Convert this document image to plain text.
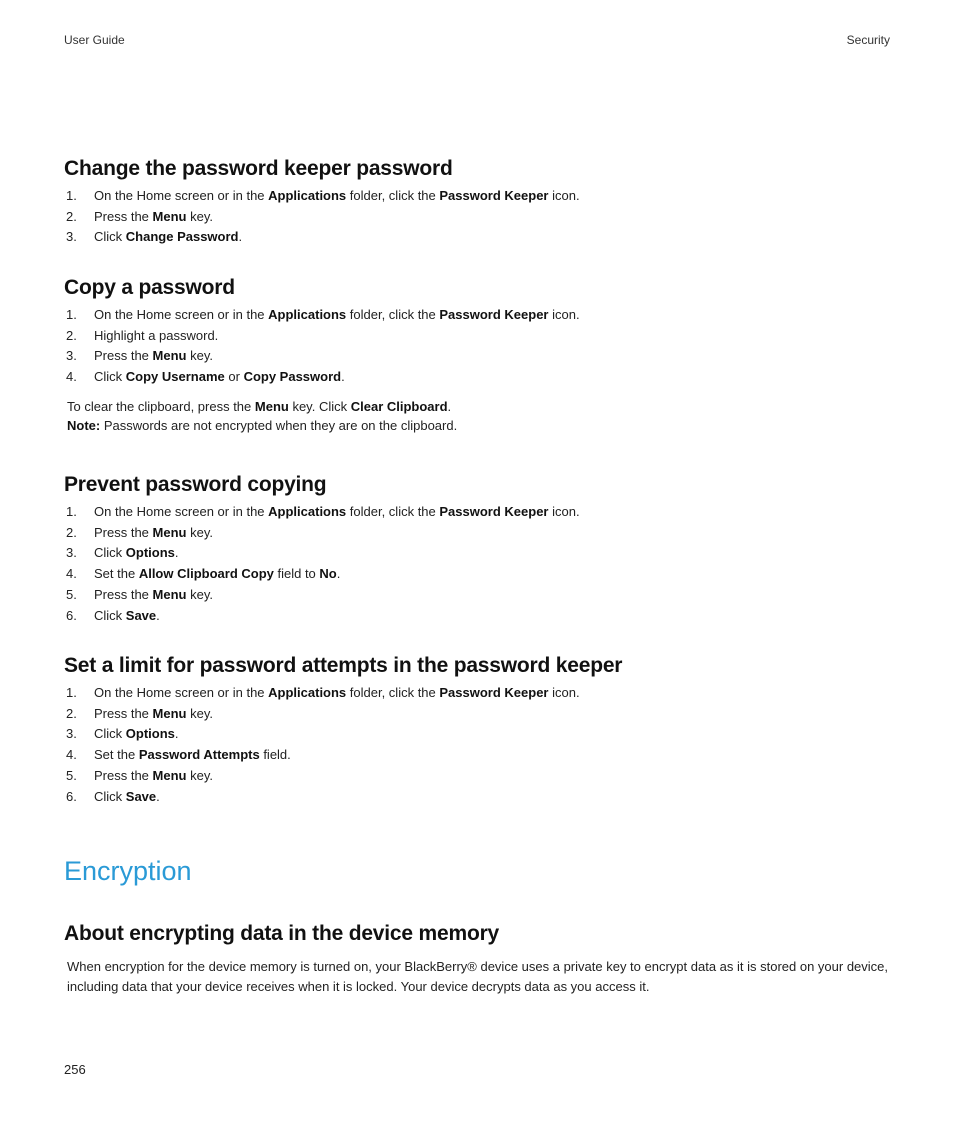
User Guide	Security
Change the password keeper password
1. On the Home screen or in the Applications folder, click the Password Keeper icon.
2. Press the Menu key.
3. Click Change Password.
Copy a password
1. On the Home screen or in the Applications folder, click the Password Keeper icon.
2. Highlight a password.
3. Press the Menu key.
4. Click Copy Username or Copy Password.

To clear the clipboard, press the Menu key. Click Clear Clipboard.

Note: Passwords are not encrypted when they are on the clipboard.

Prevent password copying
1. On the Home screen or in the Applications folder, click the Password Keeper icon.
2. Press the Menu key.
3. Click Options.
4. Set the Allow Clipboard Copy field to No.
5. Press the Menu key.
6. Click Save.
Set a limit for password attempts in the password keeper
1. On the Home screen or in the Applications folder, click the Password Keeper icon.
2. Press the Menu key.
3. Click Options.
4. Set the Password Attempts field.
5. Press the Menu key.
6. Click Save.
Encryption
About encrypting data in the device memory

When encryption for the device memory is turned on, your BlackBerry® device uses a private key to encrypt data as it is stored on your device, including data that your device receives when it is locked. Your device decrypts data as you access it.

256
